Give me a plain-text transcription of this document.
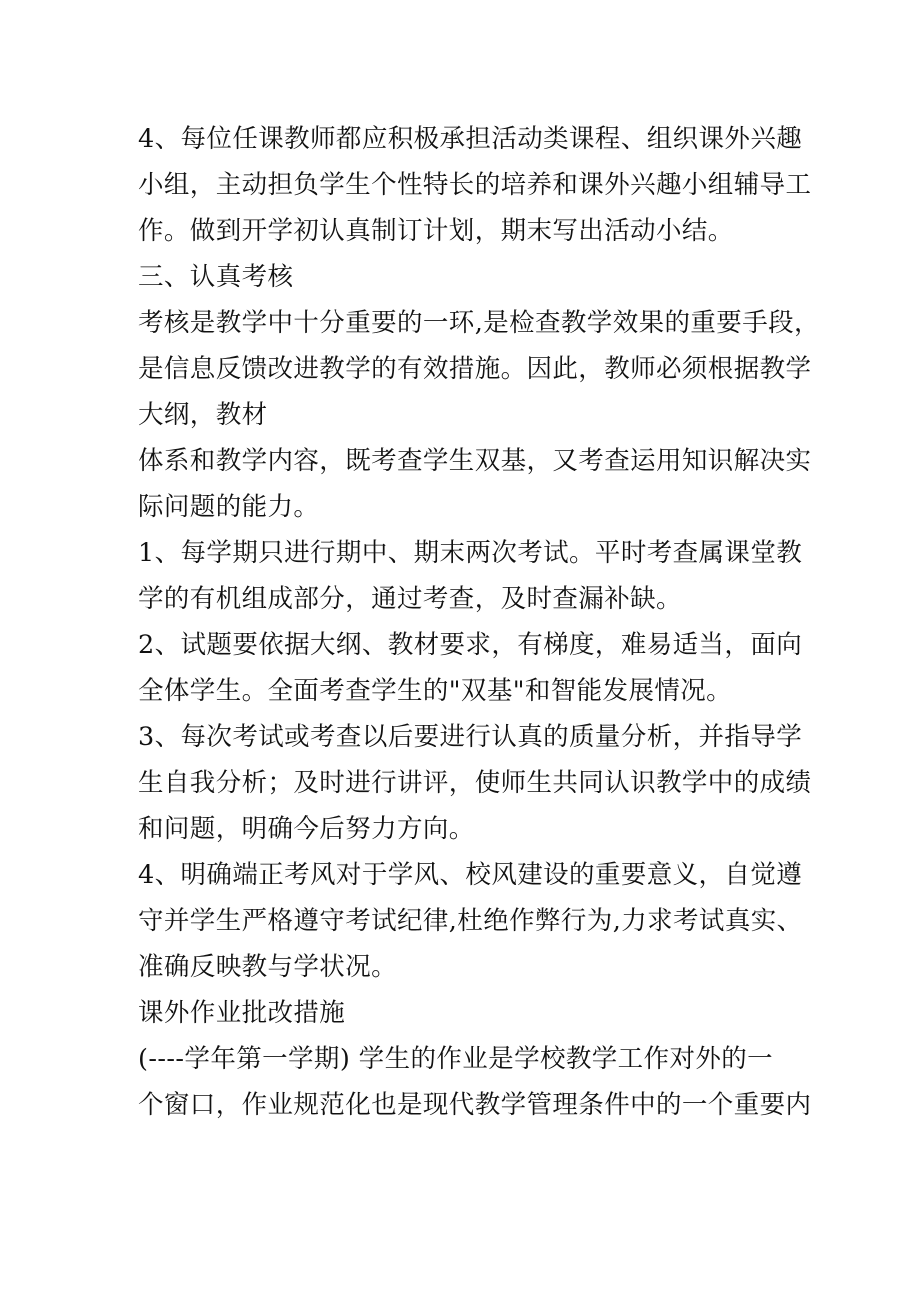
4、每位任课教师都应积极承担活动类课程、组织课外兴趣

小组，主动担负学生个性特长的培养和课外兴趣小组辅导工

作。做到开学初认真制订计划，期末写出活动小结。

三、认真考核

考核是教学中十分重要的一环,是检查教学效果的重要手段，

是信息反馈改进教学的有效措施。因此，教师必须根据教学

大纲，教材

体系和教学内容，既考查学生双基，又考查运用知识解决实

际问题的能力。

1、每学期只进行期中、期末两次考试。平时考查属课堂教

学的有机组成部分，通过考查，及时查漏补缺。

2、试题要依据大纲、教材要求，有梯度，难易适当，面向

全体学生。全面考查学生的"双基"和智能发展情况。

3、每次考试或考查以后要进行认真的质量分析，并指导学

生自我分析；及时进行讲评，使师生共同认识教学中的成绩

和问题，明确今后努力方向。

4、明确端正考风对于学风、校风建设的重要意义，自觉遵

守并学生严格遵守考试纪律,杜绝作弊行为,力求考试真实、

准确反映教与学状况。

课外作业批改措施

(----学年第一学期) 学生的作业是学校教学工作对外的一

个窗口，作业规范化也是现代教学管理条件中的一个重要内
